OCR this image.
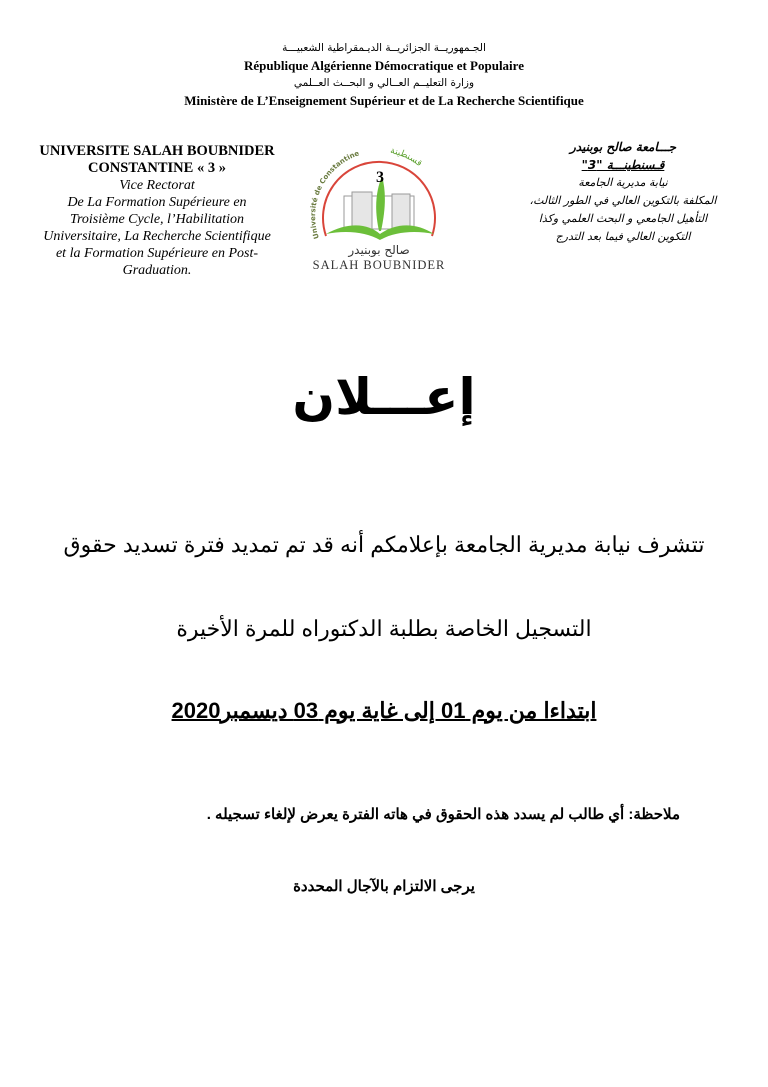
الجـمهوريــة الجزائريــة الديـمقراطية الشعبيـــة
République Algérienne Démocratique et Populaire
وزارة التعليــم العــالي و البحــث العــلمي
Ministère de L’Enseignement Supérieur et de La Recherche Scientifique
UNIVERSITE SALAH BOUBNIDER
CONSTANTINE « 3 »
Vice Rectorat
De La Formation Supérieure en
Troisième Cycle, l’Habilitation
Universitaire, La Recherche Scientifique
et la Formation Supérieure en Post-
Graduation.
Université de Constantine	قسنطينة
3
صالح بوبنيدر
SALAH BOUBNIDER
جـــامعة صالح بوبنيدر
قـسنطينـــة "3"
نيابة مديرية الجامعة
المكلفة بالتكوين العالي في الطور الثالث،
التأهيل الجامعي و البحث العلمي وكذا
التكوين العالي فيما بعد التدرج
إعـــلان
تتشرف نيابة مديرية الجامعة بإعلامكم أنه قد تم تمديد فترة تسديد حقوق
التسجيل الخاصة بطلبة الدكتوراه للمرة الأخيرة
ابتداءا من يوم 01 إلى غاية يوم 03 ديسمبر2020
ملاحظة: أي طالب لم يسدد هذه الحقوق في هاته الفترة يعرض لإلغاء تسجيله .
يرجى الالتزام بالآجال المحددة
